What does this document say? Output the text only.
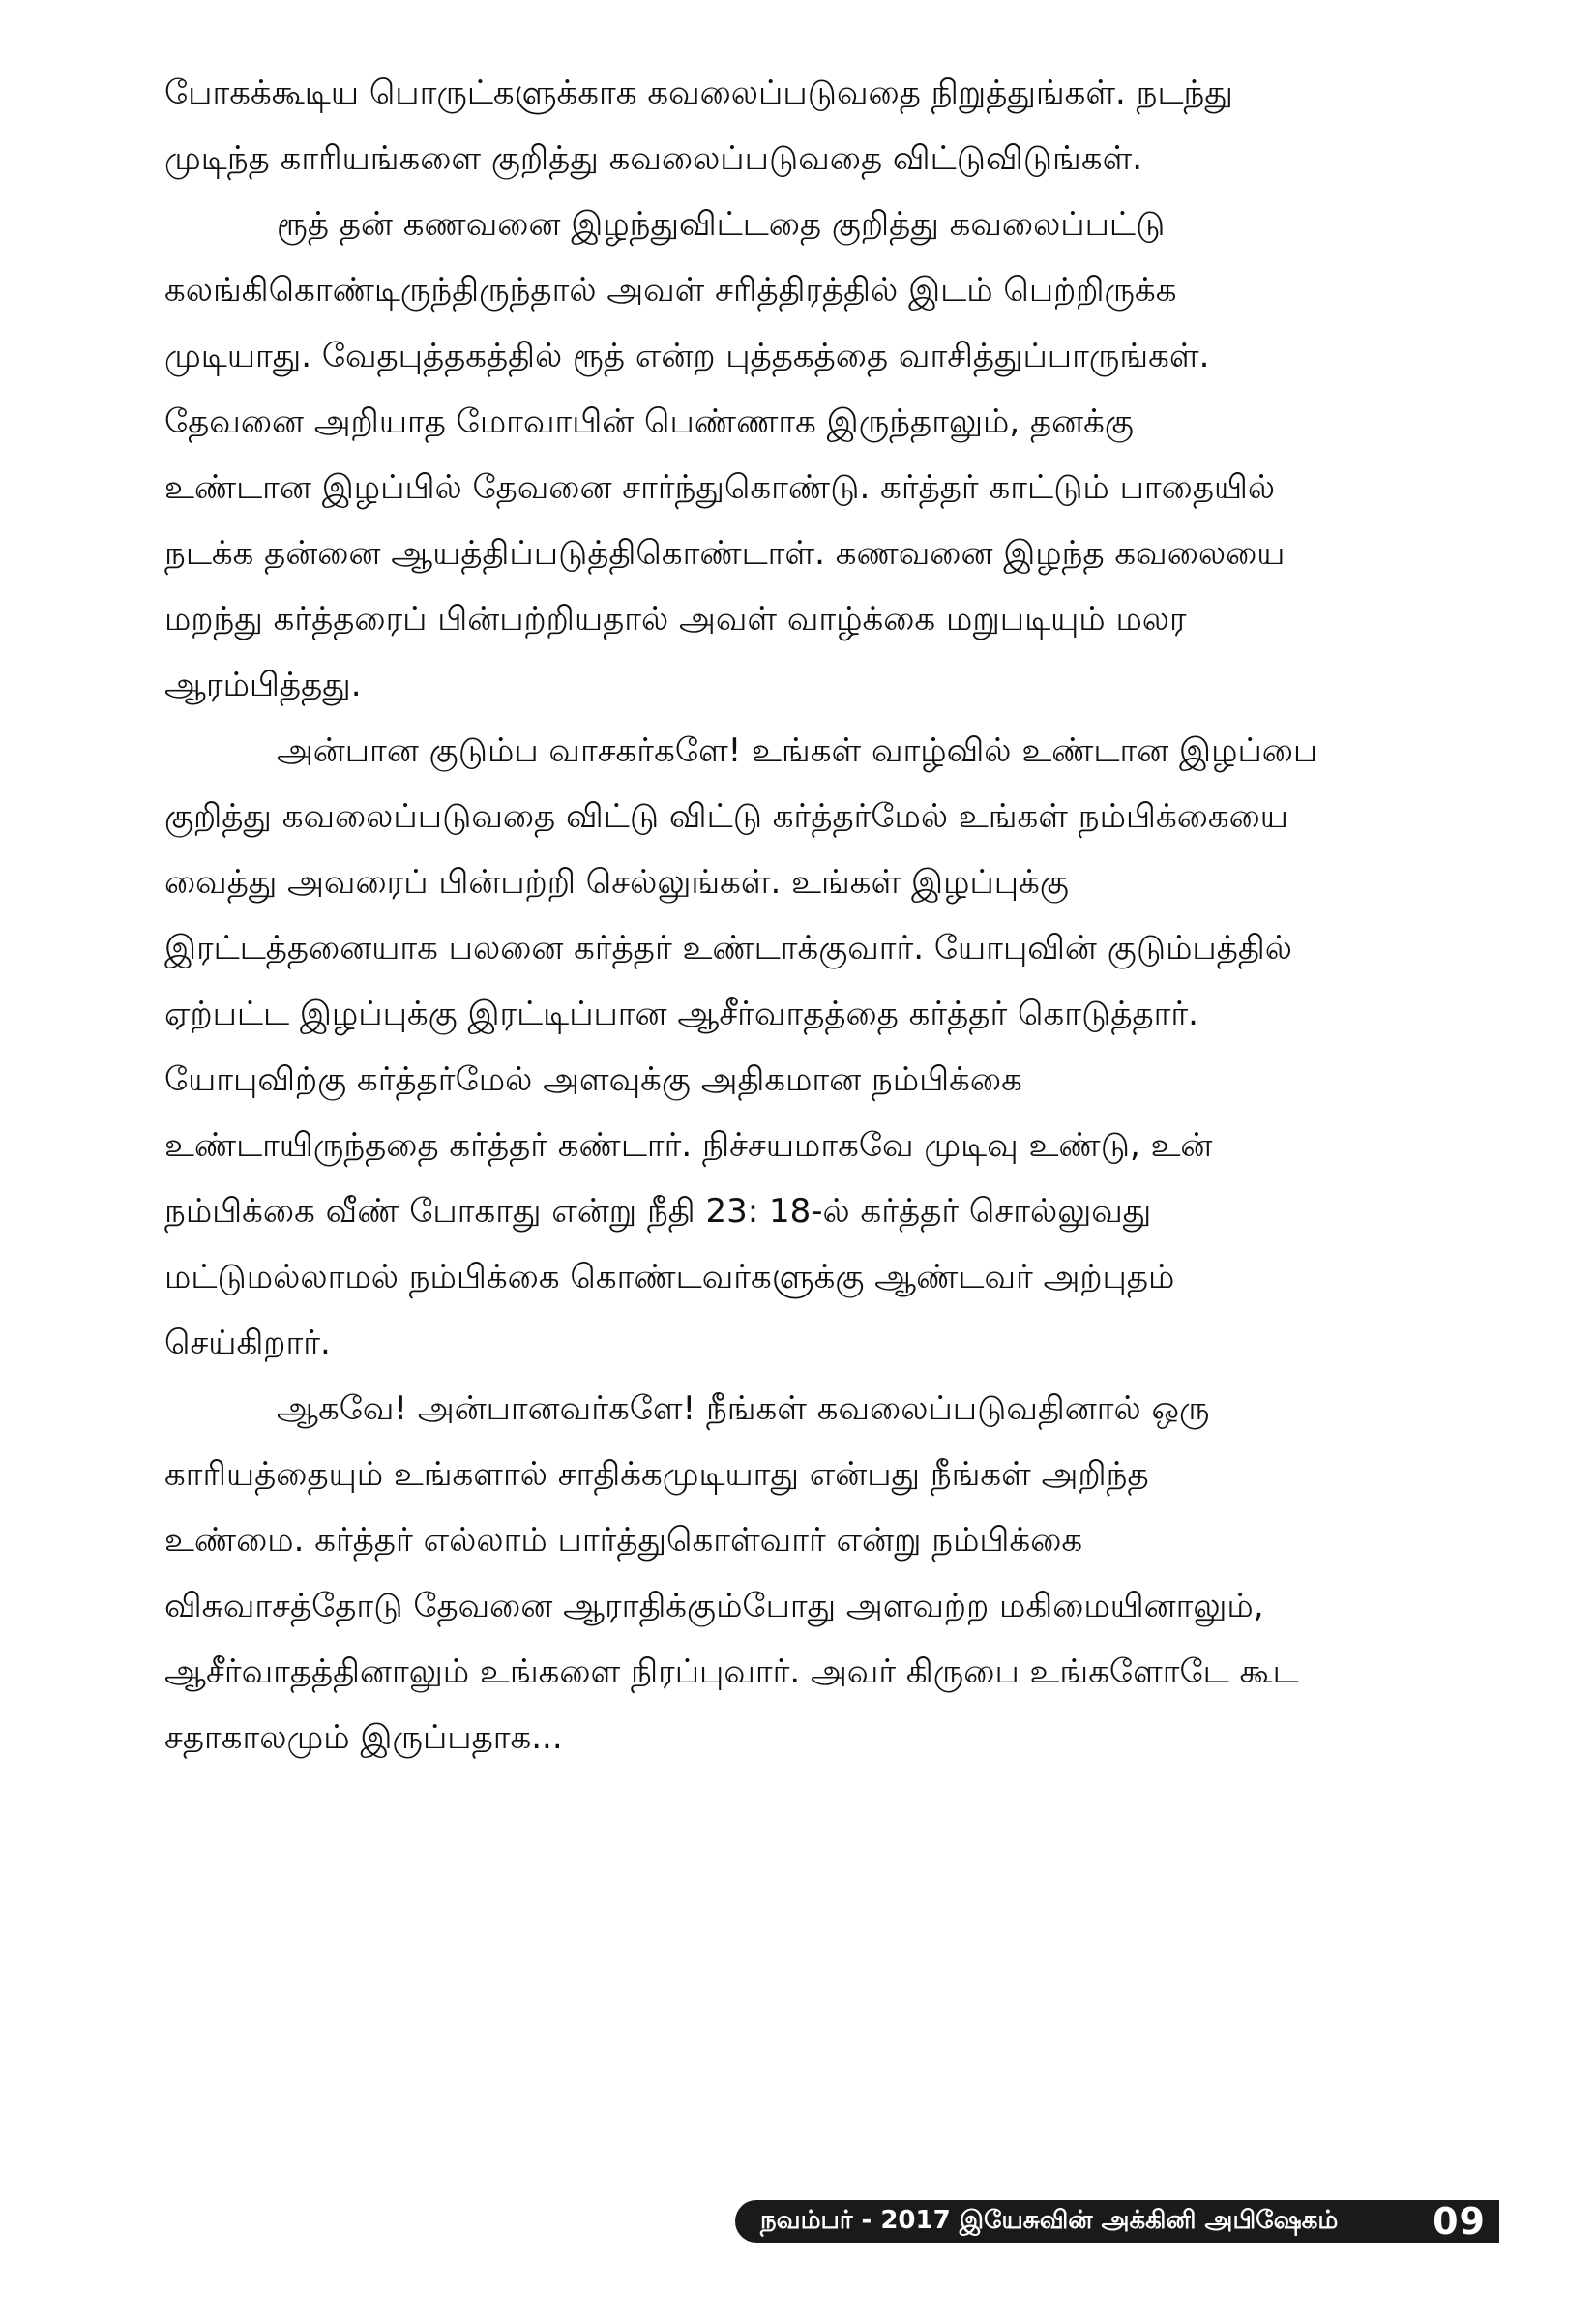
போகக்கூடிய பொருட்களுக்காக கவலைப்படுவதை நிறுத்துங்கள். நடந்து
முடிந்த காரியங்களை குறித்து கவலைப்படுவதை விட்டுவிடுங்கள்.

ரூத் தன் கணவனை இழந்துவிட்டதை குறித்து கவலைப்பட்டு
கலங்கிகொண்டிருந்திருந்தால் அவள் சரித்திரத்தில் இடம் பெற்றிருக்க
முடியாது. வேதபுத்தகத்தில் ரூத் என்ற புத்தகத்தை வாசித்துப்பாருங்கள்.
தேவனை அறியாத மோவாபின் பெண்ணாக இருந்தாலும், தனக்கு
உண்டான இழப்பில் தேவனை சார்ந்துகொண்டு. கர்த்தர் காட்டும் பாதையில்
நடக்க தன்னை ஆயத்திப்படுத்திகொண்டாள். கணவனை இழந்த கவலையை
மறந்து கர்த்தரைப் பின்பற்றியதால் அவள் வாழ்க்கை மறுபடியும் மலர
ஆரம்பித்தது.

அன்பான குடும்ப வாசகர்களே! உங்கள் வாழ்வில் உண்டான இழப்பை
குறித்து கவலைப்படுவதை விட்டு விட்டு கர்த்தர்மேல் உங்கள் நம்பிக்கையை
வைத்து அவரைப் பின்பற்றி செல்லுங்கள். உங்கள் இழப்புக்கு
இரட்டத்தனையாக பலனை கர்த்தர் உண்டாக்குவார். யோபுவின் குடும்பத்தில்
ஏற்பட்ட இழப்புக்கு இரட்டிப்பான ஆசீர்வாதத்தை கர்த்தர் கொடுத்தார்.
யோபுவிற்கு கர்த்தர்மேல் அளவுக்கு அதிகமான நம்பிக்கை
உண்டாயிருந்ததை கர்த்தர் கண்டார். நிச்சயமாகவே முடிவு உண்டு, உன்
நம்பிக்கை வீண் போகாது என்று நீதி 23: 18-ல் கர்த்தர் சொல்லுவது
மட்டுமல்லாமல் நம்பிக்கை கொண்டவர்களுக்கு ஆண்டவர் அற்புதம்
செய்கிறார்.

ஆகவே! அன்பானவர்களே! நீங்கள் கவலைப்படுவதினால் ஒரு
காரியத்தையும் உங்களால் சாதிக்கமுடியாது என்பது நீங்கள் அறிந்த
உண்மை. கர்த்தர் எல்லாம் பார்த்துகொள்வார் என்று நம்பிக்கை
விசுவாசத்தோடு தேவனை ஆராதிக்கும்போது அளவற்ற மகிமையினாலும்,
ஆசீர்வாதத்தினாலும் உங்களை நிரப்புவார். அவர் கிருபை உங்களோடே கூட
சதாகாலமும் இருப்பதாக...

நவம்பர் - 2017 இயேசுவின் அக்கினி அபிஷேகம்	09
